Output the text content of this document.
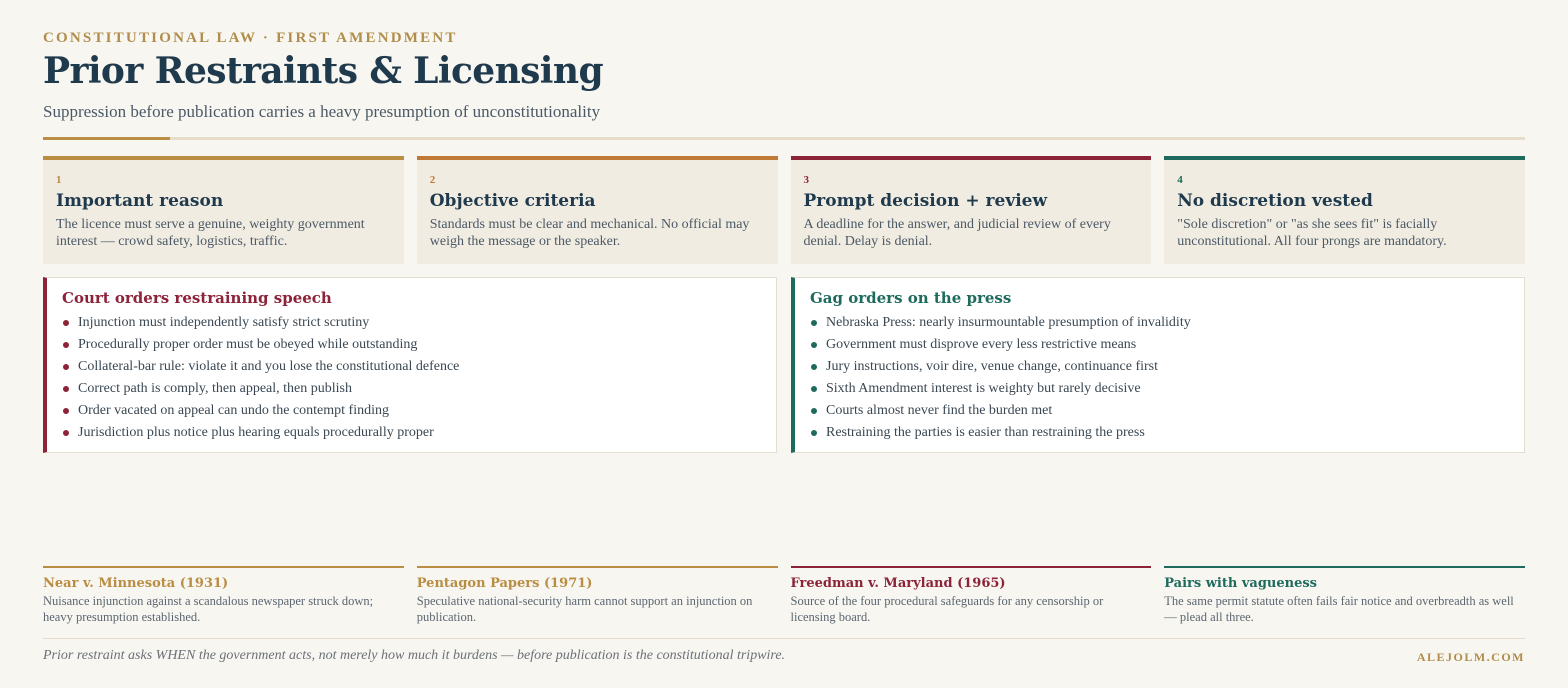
CONSTITUTIONAL LAW · FIRST AMENDMENT
Prior Restraints & Licensing
Suppression before publication carries a heavy presumption of unconstitutionality
1
Important reason
The licence must serve a genuine, weighty government interest — crowd safety, logistics, traffic.
2
Objective criteria
Standards must be clear and mechanical. No official may weigh the message or the speaker.
3
Prompt decision + review
A deadline for the answer, and judicial review of every denial. Delay is denial.
4
No discretion vested
"Sole discretion" or "as she sees fit" is facially unconstitutional. All four prongs are mandatory.
Court orders restraining speech
Injunction must independently satisfy strict scrutiny
Procedurally proper order must be obeyed while outstanding
Collateral-bar rule: violate it and you lose the constitutional defence
Correct path is comply, then appeal, then publish
Order vacated on appeal can undo the contempt finding
Jurisdiction plus notice plus hearing equals procedurally proper
Gag orders on the press
Nebraska Press: nearly insurmountable presumption of invalidity
Government must disprove every less restrictive means
Jury instructions, voir dire, venue change, continuance first
Sixth Amendment interest is weighty but rarely decisive
Courts almost never find the burden met
Restraining the parties is easier than restraining the press
Near v. Minnesota (1931)
Nuisance injunction against a scandalous newspaper struck down; heavy presumption established.
Pentagon Papers (1971)
Speculative national-security harm cannot support an injunction on publication.
Freedman v. Maryland (1965)
Source of the four procedural safeguards for any censorship or licensing board.
Pairs with vagueness
The same permit statute often fails fair notice and overbreadth as well — plead all three.
Prior restraint asks WHEN the government acts, not merely how much it burdens — before publication is the constitutional tripwire.	ALEJOLM.COM
